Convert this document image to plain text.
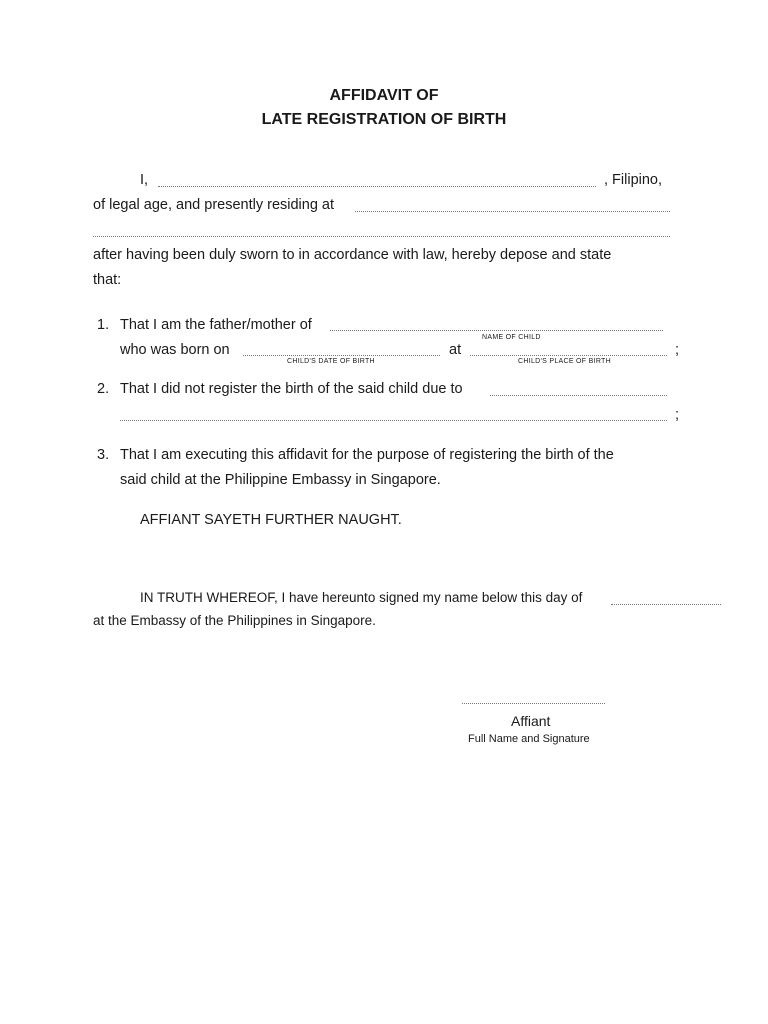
AFFIDAVIT OF
LATE REGISTRATION OF BIRTH
I,	, Filipino,
of legal age, and presently residing at
after having been duly sworn to in accordance with law, hereby depose and state
that:
1. That I am the father/mother of
NAME OF CHILD
who was born on	at	;
CHILD'S DATE OF BIRTH	CHILD'S PLACE OF BIRTH
2. That I did not register the birth of the said child due to
;
3. That I am executing this affidavit for the purpose of registering the birth of the
said child at the Philippine Embassy in Singapore.
AFFIANT SAYETH FURTHER NAUGHT.
IN TRUTH WHEREOF, I have hereunto signed my name below this day of
at the Embassy of the Philippines in Singapore.
Affiant
Full Name and Signature
